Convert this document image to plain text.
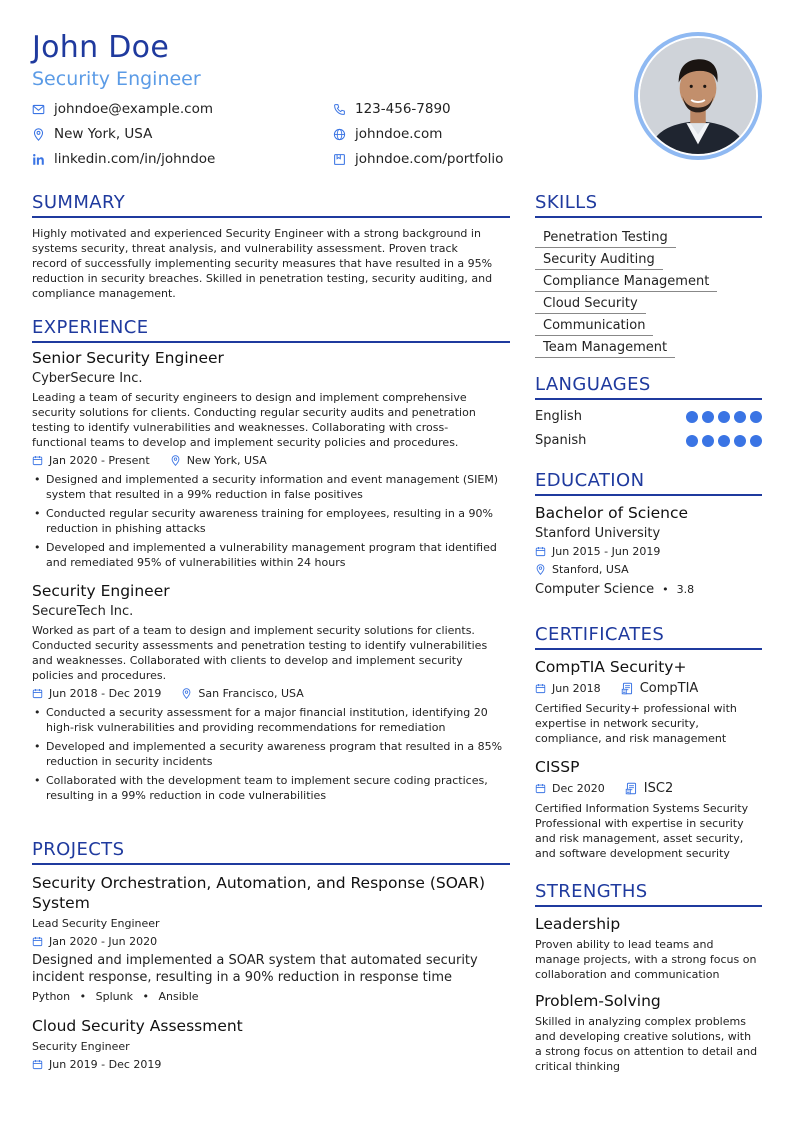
John Doe
Security Engineer
johndoe@example.com	123-456-7890
New York, USA	johndoe.com
linkedin.com/in/johndoe	johndoe.com/portfolio
SUMMARY
Highly motivated and experienced Security Engineer with a strong background in
systems security, threat analysis, and vulnerability assessment. Proven track
record of successfully implementing security measures that have resulted in a 95%
reduction in security breaches. Skilled in penetration testing, security auditing, and
compliance management.
EXPERIENCE
Senior Security Engineer
CyberSecure Inc.
Leading a team of security engineers to design and implement comprehensive
security solutions for clients. Conducting regular security audits and penetration
testing to identify vulnerabilities and weaknesses. Collaborating with cross-
functional teams to develop and implement security policies and procedures.
Jan 2020 - Present	New York, USA
• Designed and implemented a security information and event management (SIEM)
system that resulted in a 99% reduction in false positives
• Conducted regular security awareness training for employees, resulting in a 90%
reduction in phishing attacks
• Developed and implemented a vulnerability management program that identified
and remediated 95% of vulnerabilities within 24 hours
Security Engineer
SecureTech Inc.
Worked as part of a team to design and implement security solutions for clients.
Conducted security assessments and penetration testing to identify vulnerabilities
and weaknesses. Collaborated with clients to develop and implement security
policies and procedures.
Jun 2018 - Dec 2019	San Francisco, USA
• Conducted a security assessment for a major financial institution, identifying 20
high-risk vulnerabilities and providing recommendations for remediation
• Developed and implemented a security awareness program that resulted in a 85%
reduction in security incidents
• Collaborated with the development team to implement secure coding practices,
resulting in a 99% reduction in code vulnerabilities
PROJECTS
Security Orchestration, Automation, and Response (SOAR)
System
Lead Security Engineer
Jan 2020 - Jun 2020
Designed and implemented a SOAR system that automated security
incident response, resulting in a 90% reduction in response time
Python • Splunk • Ansible
Cloud Security Assessment
Security Engineer
Jun 2019 - Dec 2019
SKILLS
Penetration Testing
Security Auditing
Compliance Management
Cloud Security
Communication
Team Management
LANGUAGES
English
Spanish
EDUCATION
Bachelor of Science
Stanford University
Jun 2015 - Jun 2019
Stanford, USA
Computer Science • 3.8
CERTIFICATES
CompTIA Security+
Jun 2018	CompTIA
Certified Security+ professional with
expertise in network security,
compliance, and risk management
CISSP
Dec 2020	ISC2
Certified Information Systems Security
Professional with expertise in security
and risk management, asset security,
and software development security
STRENGTHS
Leadership
Proven ability to lead teams and
manage projects, with a strong focus on
collaboration and communication
Problem-Solving
Skilled in analyzing complex problems
and developing creative solutions, with
a strong focus on attention to detail and
critical thinking
